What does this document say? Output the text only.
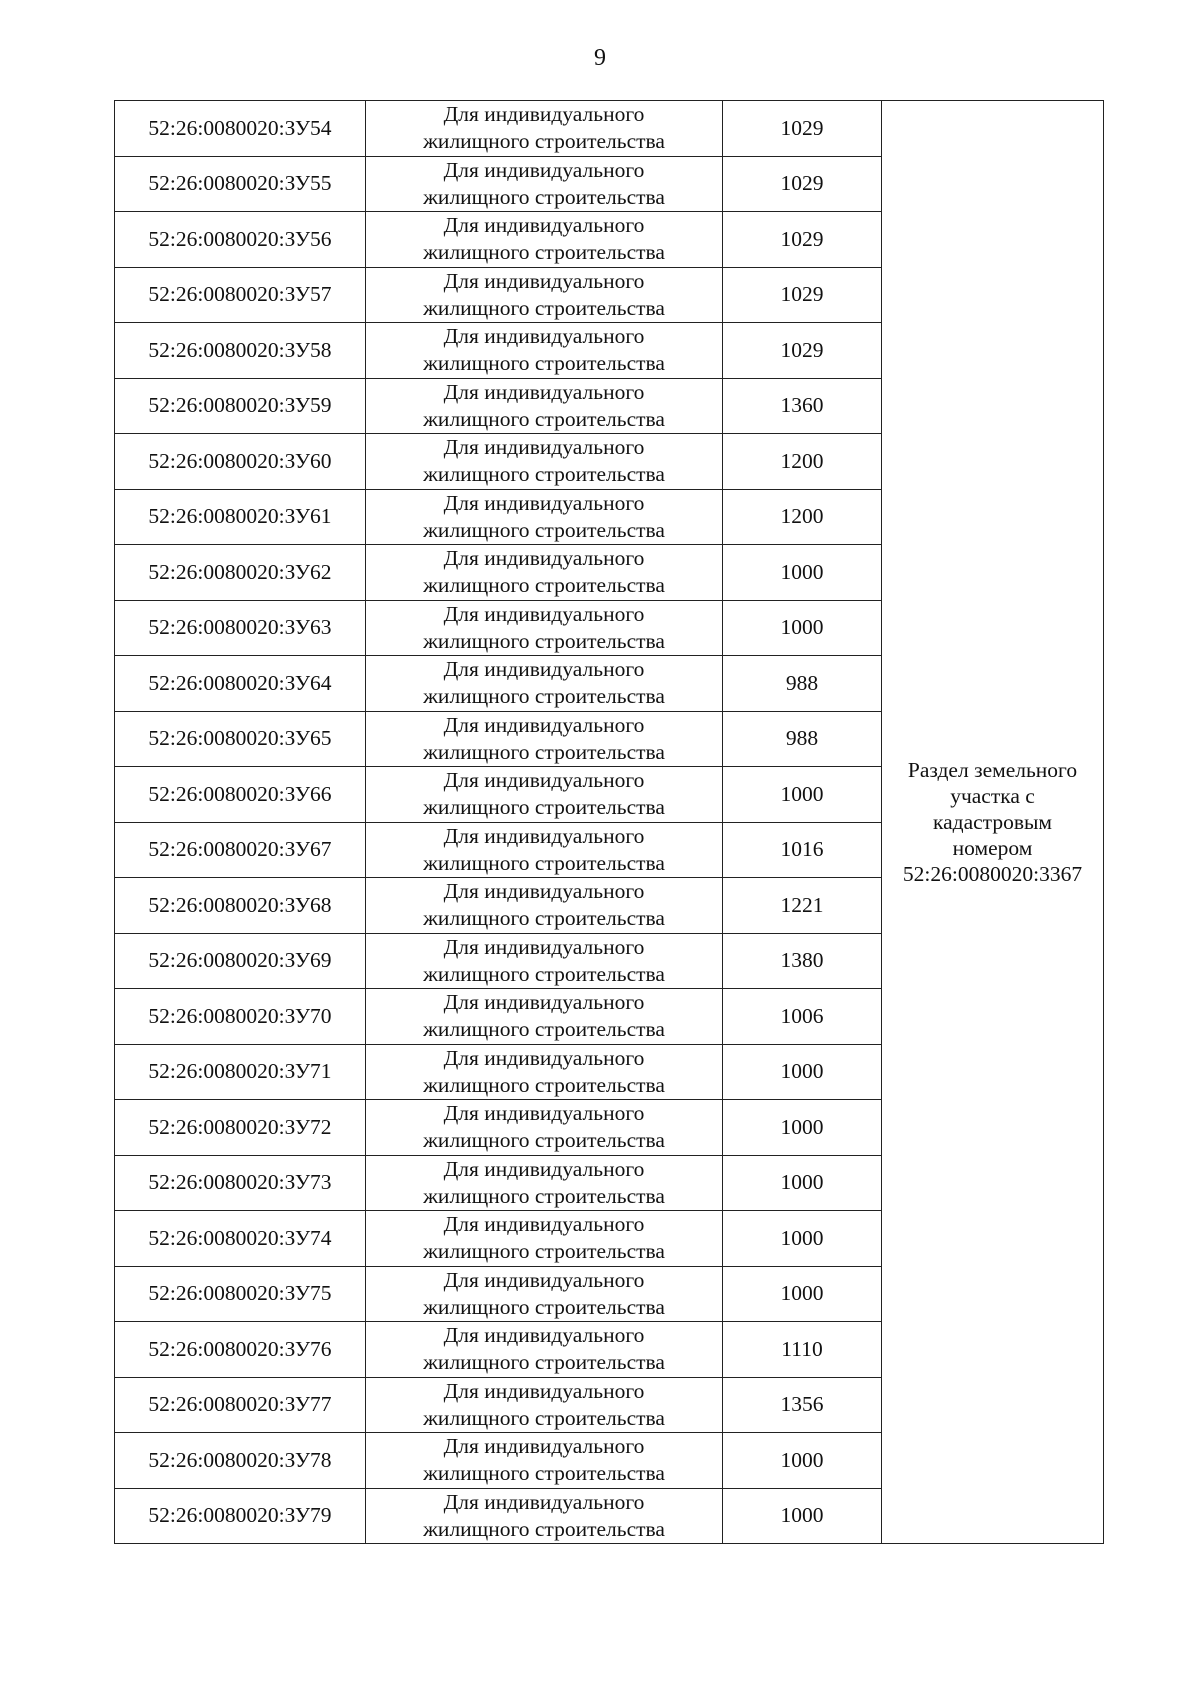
9
52:26:0080020:ЗУ54	Для индивидуального
жилищного строительства	1029	Раздел земельного
участка с
кадастровым
номером
52:26:0080020:3367

52:26:0080020:ЗУ55	Для индивидуального
жилищного строительства	1029	
52:26:0080020:ЗУ56	Для индивидуального
жилищного строительства	1029	
52:26:0080020:ЗУ57	Для индивидуального
жилищного строительства	1029	
52:26:0080020:ЗУ58	Для индивидуального
жилищного строительства	1029	
52:26:0080020:ЗУ59	Для индивидуального
жилищного строительства	1360	
52:26:0080020:ЗУ60	Для индивидуального
жилищного строительства	1200	
52:26:0080020:ЗУ61	Для индивидуального
жилищного строительства	1200	
52:26:0080020:ЗУ62	Для индивидуального
жилищного строительства	1000	
52:26:0080020:ЗУ63	Для индивидуального
жилищного строительства	1000	
52:26:0080020:ЗУ64	Для индивидуального
жилищного строительства	988	
52:26:0080020:ЗУ65	Для индивидуального
жилищного строительства	988	
52:26:0080020:ЗУ66	Для индивидуального
жилищного строительства	1000	
52:26:0080020:ЗУ67	Для индивидуального
жилищного строительства	1016	
52:26:0080020:ЗУ68	Для индивидуального
жилищного строительства	1221	
52:26:0080020:ЗУ69	Для индивидуального
жилищного строительства	1380	
52:26:0080020:ЗУ70	Для индивидуального
жилищного строительства	1006	
52:26:0080020:ЗУ71	Для индивидуального
жилищного строительства	1000	
52:26:0080020:ЗУ72	Для индивидуального
жилищного строительства	1000	
52:26:0080020:ЗУ73	Для индивидуального
жилищного строительства	1000	
52:26:0080020:ЗУ74	Для индивидуального
жилищного строительства	1000	
52:26:0080020:ЗУ75	Для индивидуального
жилищного строительства	1000	
52:26:0080020:ЗУ76	Для индивидуального
жилищного строительства	1110	
52:26:0080020:ЗУ77	Для индивидуального
жилищного строительства	1356	
52:26:0080020:ЗУ78	Для индивидуального
жилищного строительства	1000	
52:26:0080020:ЗУ79	Для индивидуального
жилищного строительства	1000	
